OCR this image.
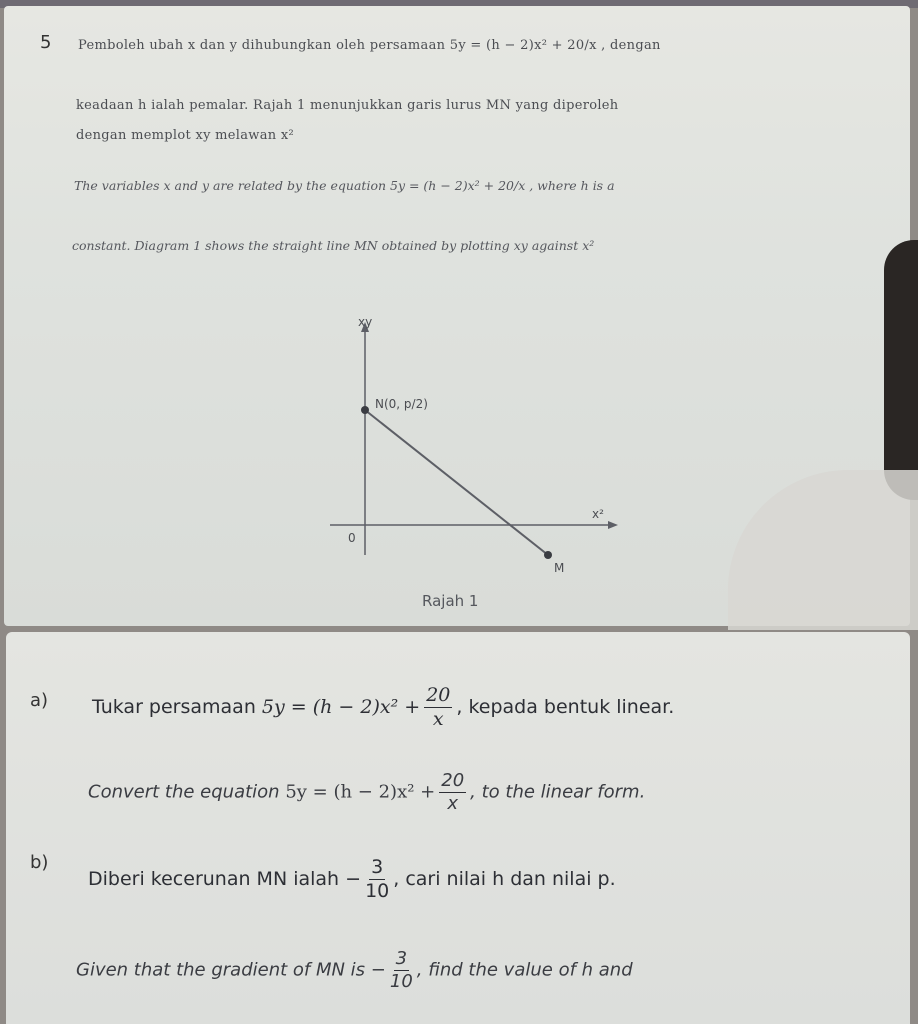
5 Pemboleh ubah x dan y dihubungkan oleh persamaan 5y = (h − 2)x² + 20/x , dengan
keadaan h ialah pemalar. Rajah 1 menunjukkan garis lurus MN yang diperoleh
dengan memplot xy melawan x²
The variables x and y are related by the equation 5y = (h − 2)x² + 20/x , where h is a
constant. Diagram 1 shows the straight line MN obtained by plotting xy against x²
xy
x²
0
N(0, p/2)
M
Rajah 1
a) Tukar persamaan $5y = (h - 2)x^2 + \frac{20}{x}$ , kepada bentuk linear.
Convert the equation $5y = (h - 2)x^2 + \frac{20}{x}$ , to the linear form.
b)
Diberi kecerunan MN ialah − $\frac{3}{10}$ , cari nilai h dan nilai p.
Given that the gradient of MN is − $\frac{3}{10}$ , find the value of h and
